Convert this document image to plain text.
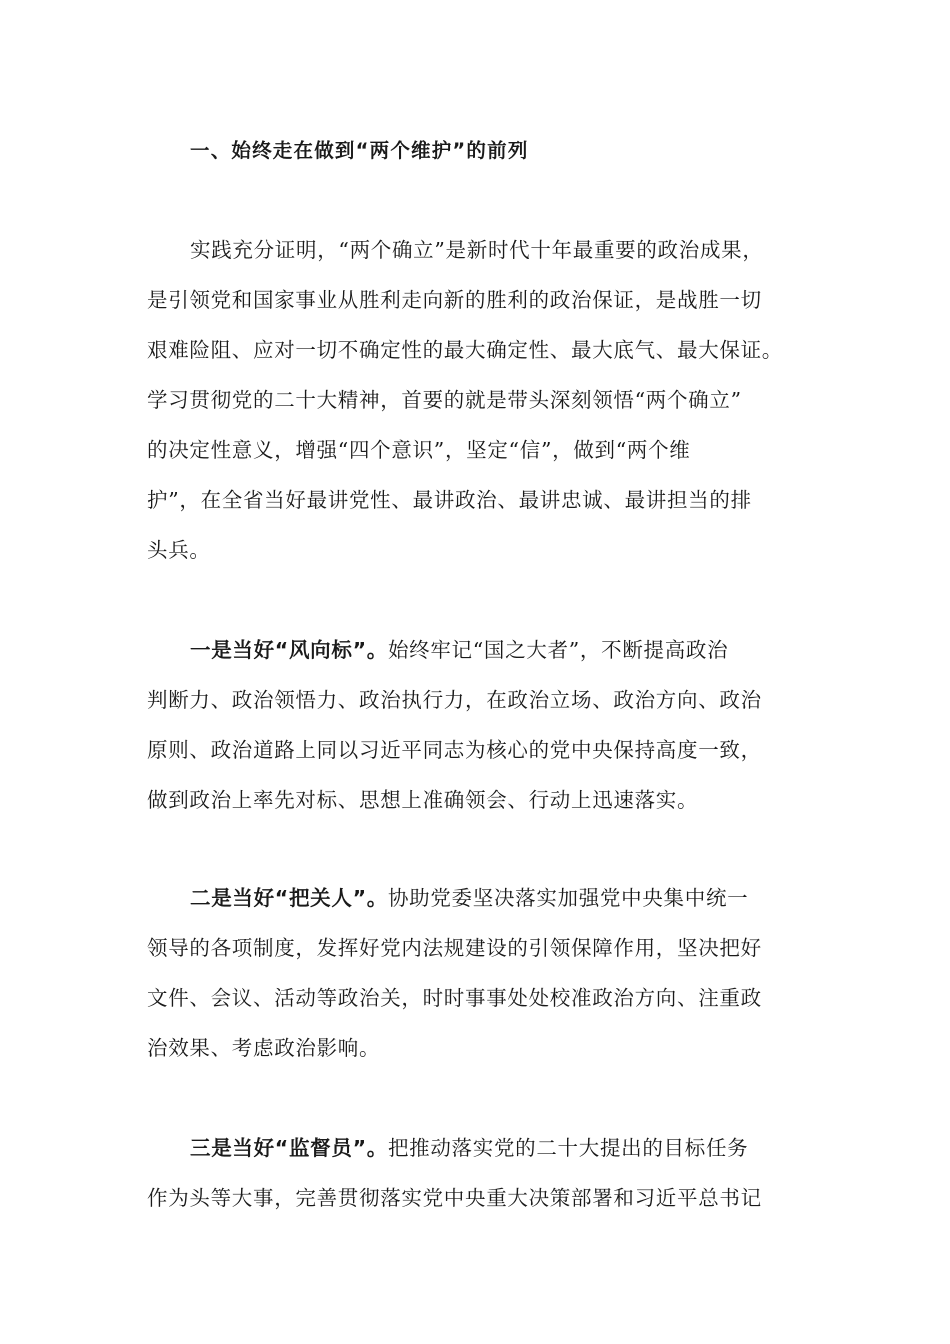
一、始终走在做到“两个维护”的前列
实践充分证明，“两个确立”是新时代十年最重要的政治成果，
是引领党和国家事业从胜利走向新的胜利的政治保证，是战胜一切
艰难险阻、应对一切不确定性的最大确定性、最大底气、最大保证。
学习贯彻党的二十大精神，首要的就是带头深刻领悟“两个确立”
的决定性意义，增强“四个意识”，坚定“信”，做到“两个维
护”，在全省当好最讲党性、最讲政治、最讲忠诚、最讲担当的排
头兵。
一是当好“风向标”。始终牢记“国之大者”，不断提高政治
判断力、政治领悟力、政治执行力，在政治立场、政治方向、政治
原则、政治道路上同以习近平同志为核心的党中央保持高度一致，
做到政治上率先对标、思想上准确领会、行动上迅速落实。
二是当好“把关人”。协助党委坚决落实加强党中央集中统一
领导的各项制度，发挥好党内法规建设的引领保障作用，坚决把好
文件、会议、活动等政治关，时时事事处处校准政治方向、注重政
治效果、考虑政治影响。
三是当好“监督员”。把推动落实党的二十大提出的目标任务
作为头等大事，完善贯彻落实党中央重大决策部署和习近平总书记
